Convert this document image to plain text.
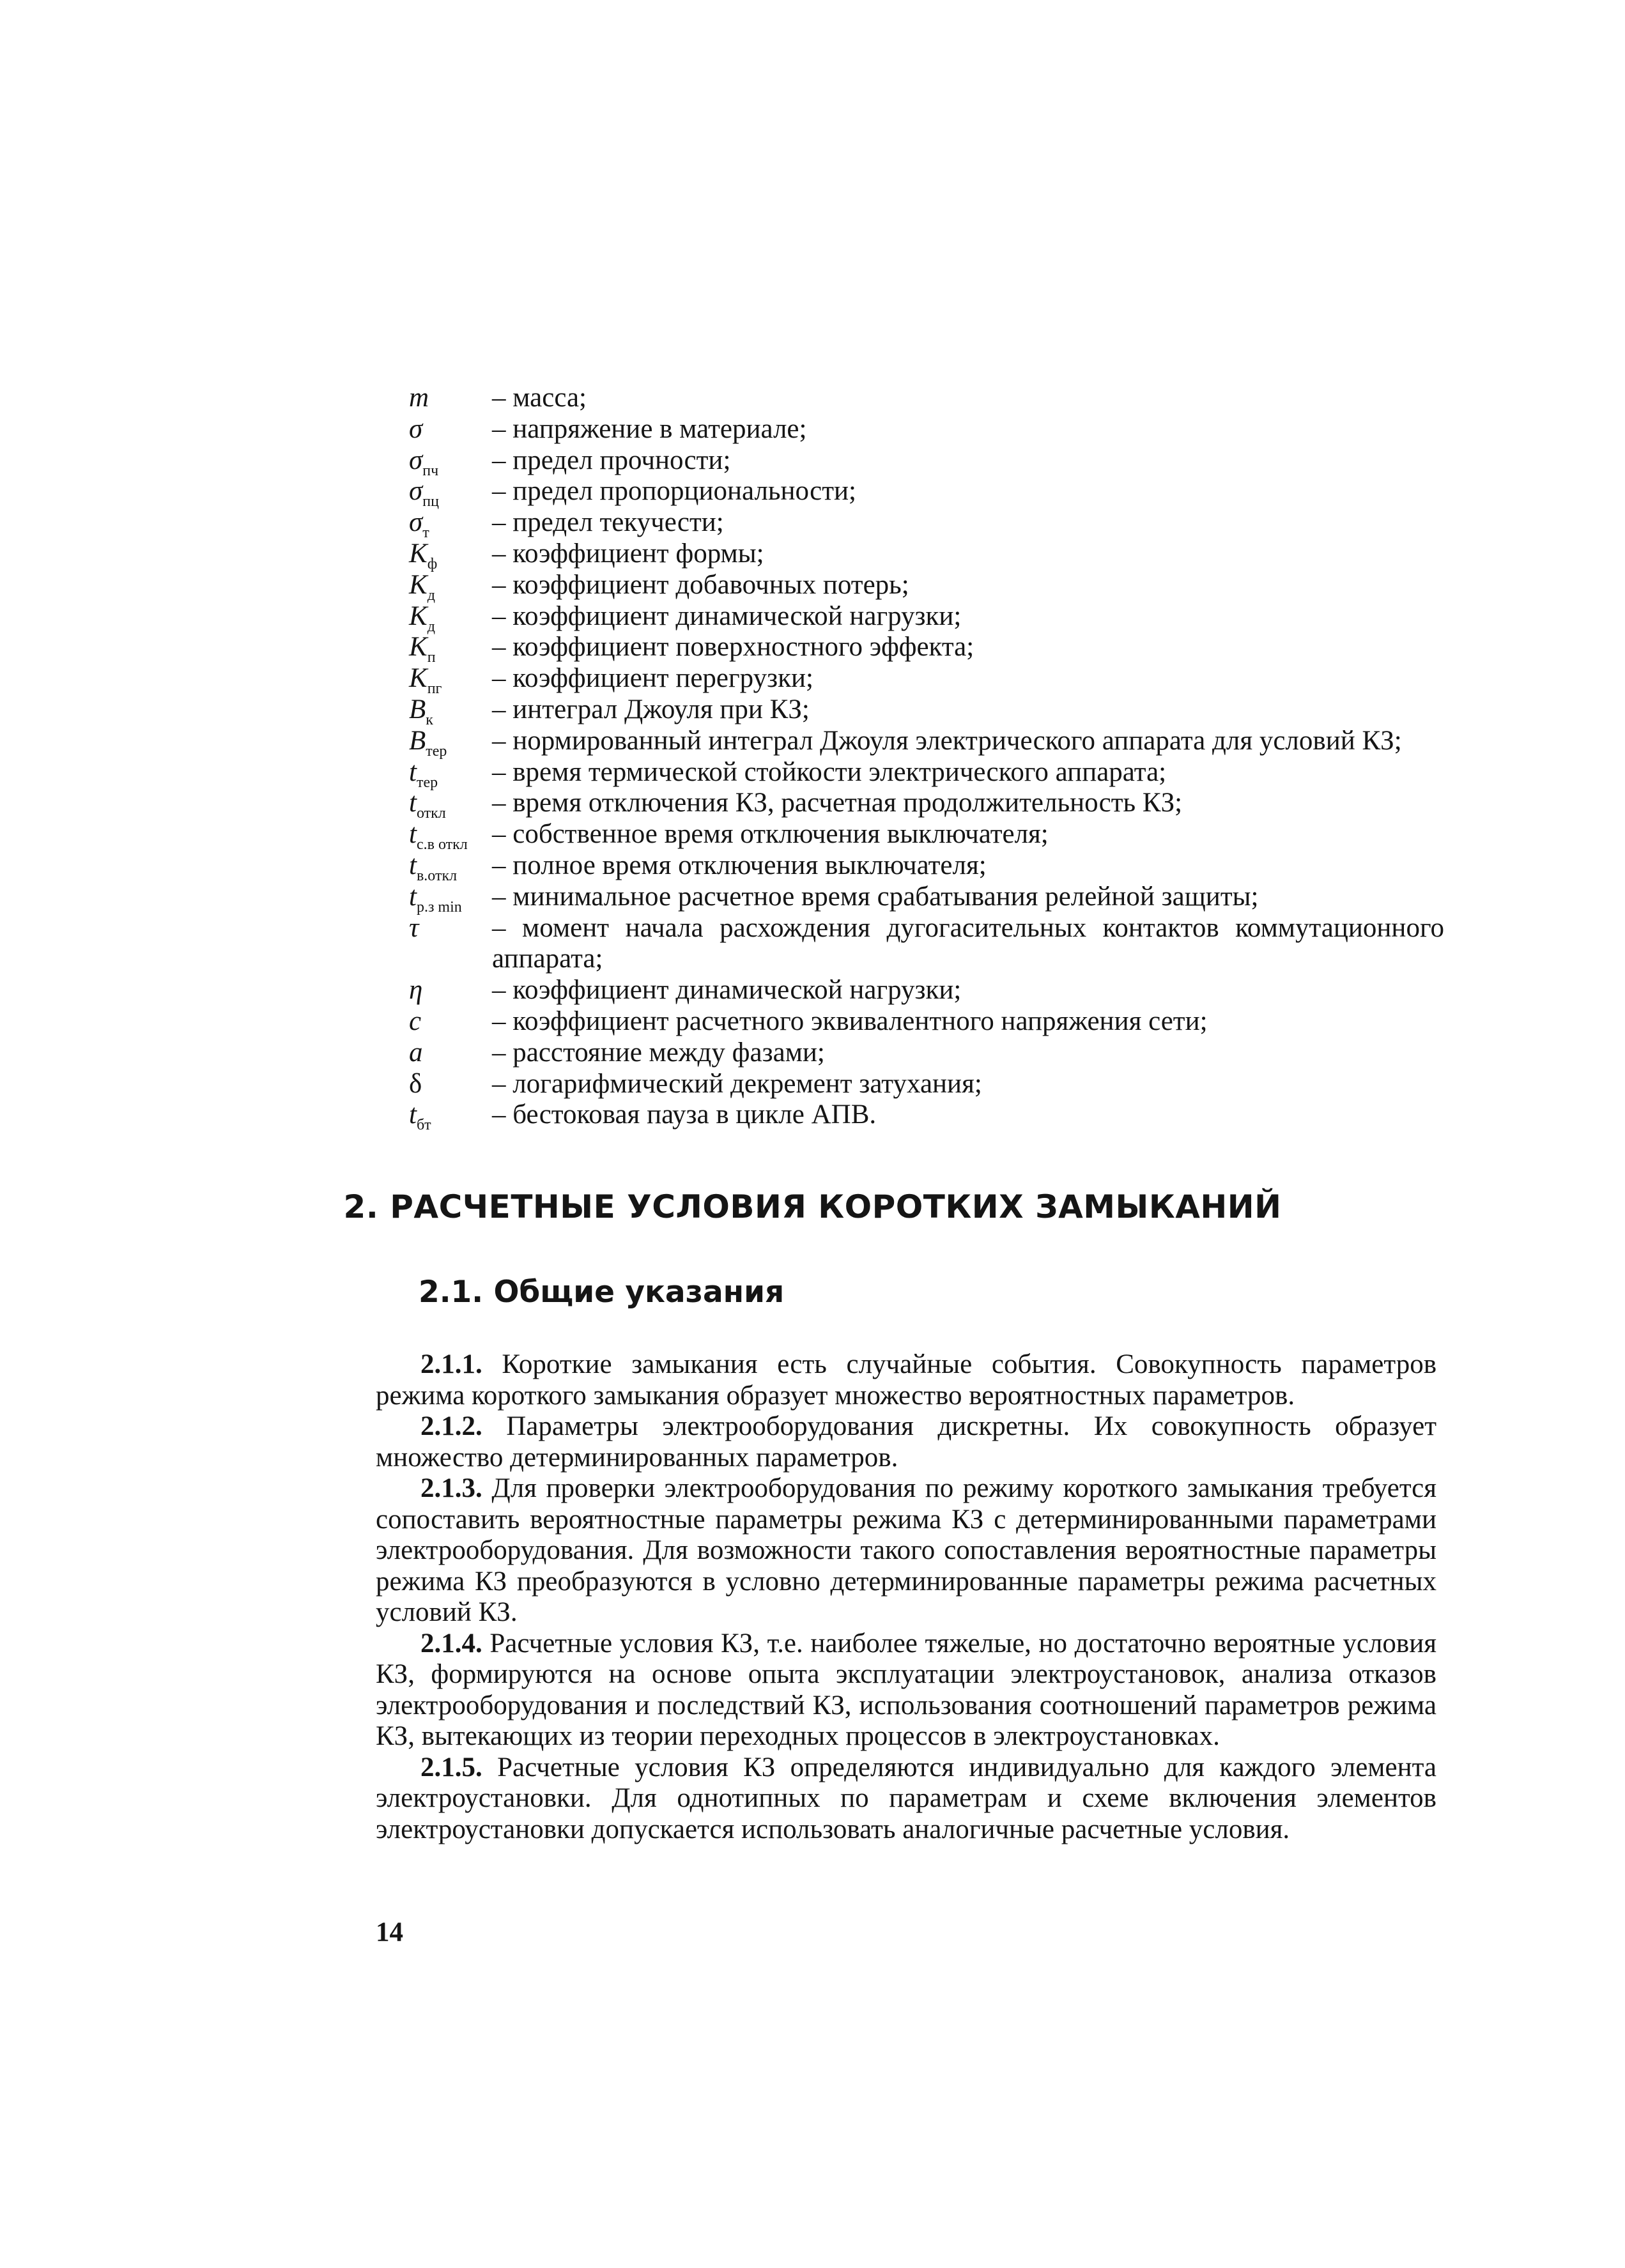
m	– масса;
σ	– напряжение в материале;
$\sigma_{пч}$	– предел прочности;
$\sigma_{пц}$	– предел пропорциональности;
$\sigma_т$	– предел текучести;
$K_ф$	– коэффициент формы;
$K_д$	– коэффициент добавочных потерь;
$K_д$	– коэффициент динамической нагрузки;
$K_п$	– коэффициент поверхностного эффекта;
$K_{пг}$	– коэффициент перегрузки;
$B_к$	– интеграл Джоуля при КЗ;
$B_{тер}$	– нормированный интеграл Джоуля электрического аппарата для условий КЗ;
$t_{тер}$	– время термической стойкости электрического аппарата;
$t_{откл}$	– время отключения КЗ, расчетная продолжительность КЗ;
$t_{с.в откл}$	– собственное время отключения выключателя;
$t_{в.откл}$	– полное время отключения выключателя;
$t_{р.з min}$	– минимальное расчетное время срабатывания релейной защиты;
τ	– момент начала расхождения дугогасительных контактов коммутационного аппарата;
η	– коэффициент динамической нагрузки;
c	– коэффициент расчетного эквивалентного напряжения сети;
a	– расстояние между фазами;
δ	– логарифмический декремент затухания;
$t_{бт}$	– бестоковая пауза в цикле АПВ.
2. РАСЧЕТНЫЕ УСЛОВИЯ КОРОТКИХ ЗАМЫКАНИЙ
2.1. Общие указания

2.1.1. Короткие замыкания есть случайные события. Совокупность параметров режима короткого замыкания образует множество вероятностных параметров.

2.1.2. Параметры электрооборудования дискретны. Их совокупность образует множество детерминированных параметров.

2.1.3. Для проверки электрооборудования по режиму короткого замыкания требуется сопоставить вероятностные параметры режима КЗ с детерминированными параметрами электрооборудования. Для возможности такого сопоставления вероятностные параметры режима КЗ преобразуются в условно детерминированные параметры режима расчетных условий КЗ.

2.1.4. Расчетные условия КЗ, т.е. наиболее тяжелые, но достаточно вероятные условия КЗ, формируются на основе опыта эксплуатации электроустановок, анализа отказов электрооборудования и последствий КЗ, использования соотношений параметров режима КЗ, вытекающих из теории переходных процессов в электроустановках.

2.1.5. Расчетные условия КЗ определяются индивидуально для каждого элемента электроустановки. Для однотипных по параметрам и схеме включения элементов электроустановки допускается использовать аналогичные расчетные условия.

14
